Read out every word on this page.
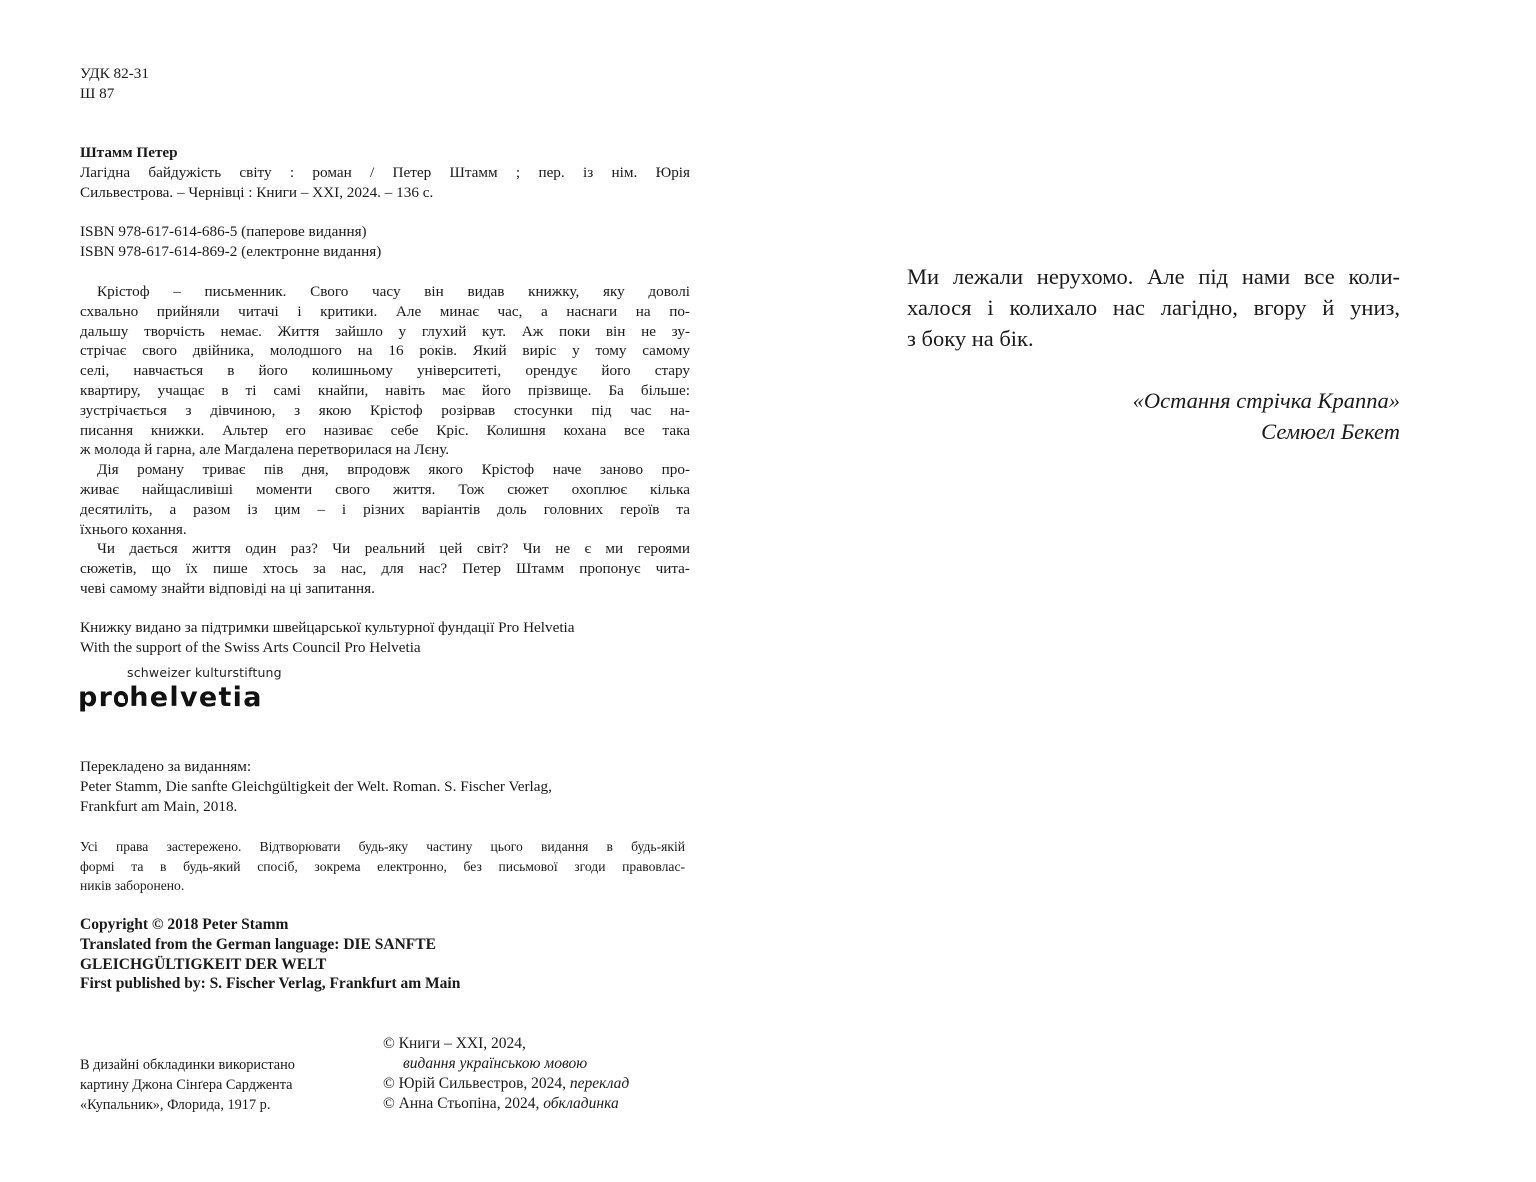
УДК 82-31
Ш 87
Штамм Петер
Лагідна байдужість світу : роман / Петер Штамм ; пер. із нім. Юрія
Сильвестрова. – Чернівці : Книги – XXI, 2024. – 136 с.
ISBN 978-617-614-686-5 (паперове видання)
ISBN 978-617-614-869-2 (електронне видання)
Крістоф – письменник. Свого часу він видав книжку, яку доволі
схвально прийняли читачі і критики. Але минає час, а наснаги на по-
дальшу творчість немає. Життя зайшло у глухий кут. Аж поки він не зу-
стрічає свого двійника, молодшого на 16 років. Який виріс у тому самому
селі, навчається в його колишньому університеті, орендує його стару
квартиру, учащає в ті самі кнайпи, навіть має його прізвище. Ба більше:
зустрічається з дівчиною, з якою Крістоф розірвав стосунки під час на-
писання книжки. Альтер его називає себе Кріс. Колишня кохана все така
ж молода й гарна, але Магдалена перетворилася на Лєну.
Дія роману триває пів дня, впродовж якого Крістоф наче заново про-
живає найщасливіші моменти свого життя. Тож сюжет охоплює кілька
десятиліть, а разом із цим – і різних варіантів доль головних героїв та
їхнього кохання.
Чи дається життя один раз? Чи реальний цей світ? Чи не є ми героями
сюжетів, що їх пише хтось за нас, для нас? Петер Штамм пропонує чита-
чеві самому знайти відповіді на ці запитання.
Книжку видано за підтримки швейцарської культурної фундації Pro Helvetia
With the support of the Swiss Arts Council Pro Helvetia
schweizer kulturstiftung
pr helvetia
Перекладено за виданням:
Peter Stamm, Die sanfte Gleichgültigkeit der Welt. Roman. S. Fischer Verlag,
Frankfurt am Main, 2018.
Усі права застережено. Відтворювати будь-яку частину цього видання в будь-якій
формі та в будь-який спосіб, зокрема електронно, без письмової згоди правовлас-
ників заборонено.
Copyright © 2018 Peter Stamm
Translated from the German language: DIE SANFTE
GLEICHGÜLTIGKEIT DER WELT
First published by: S. Fischer Verlag, Frankfurt am Main
В дизайні обкладинки використано
картину Джона Сінґера Сарджента
«Купальник», Флорида, 1917 р.
© Книги – XXI, 2024,
видання українською мовою
© Юрій Сильвестров, 2024, переклад
© Анна Стьопіна, 2024, обкладинка
Ми лежали нерухомо. Але під нами все коли-
халося і колихало нас лагідно, вгору й униз,
з боку на бік.
«Остання стрічка Краппа»
Семюел Бекет
